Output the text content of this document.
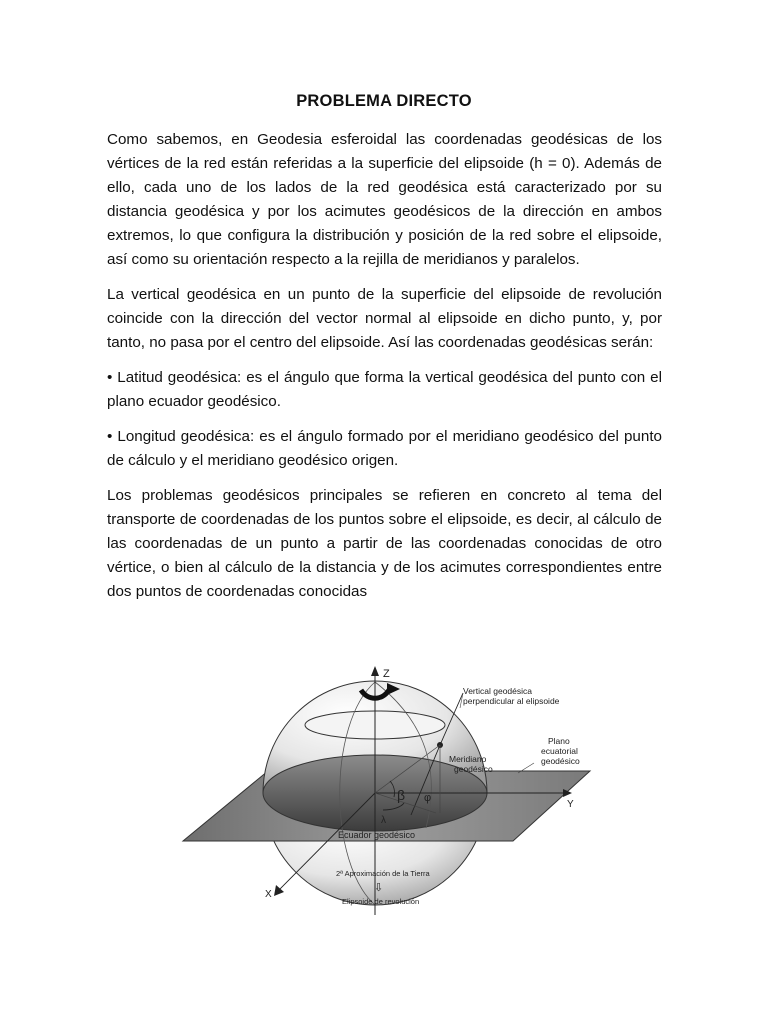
PROBLEMA DIRECTO

Como sabemos, en Geodesia esferoidal las coordenadas geodésicas de los vértices de la red están referidas a la superficie del elipsoide (h = 0). Además de ello, cada uno de los lados de la red geodésica está caracterizado por su distancia geodésica y por los acimutes geodésicos de la dirección en ambos extremos, lo que configura la distribución y posición de la red sobre el elipsoide, así como su orientación respecto a la rejilla de meridianos y paralelos.

La vertical geodésica en un punto de la superficie del elipsoide de revolución coincide con la dirección del vector normal al elipsoide en dicho punto, y, por tanto, no pasa por el centro del elipsoide. Así las coordenadas geodésicas serán:

• Latitud geodésica: es el ángulo que forma la vertical geodésica del punto con el plano ecuador geodésico.

• Longitud geodésica: es el ángulo formado por el meridiano geodésico del punto de cálculo y el meridiano geodésico origen.

Los problemas geodésicos principales se refieren en concreto al tema del transporte de coordenadas de los puntos sobre el elipsoide, es decir, al cálculo de las coordenadas de un punto a partir de las coordenadas conocidas de otro vértice, o bien al cálculo de la distancia y de los acimutes correspondientes entre dos puntos de coordenadas conocidas

Z
Y
X
β φ
λ
Vertical geodésica
perpendicular al elipsoide
Meridiano
geodésico
Plano
ecuatorial
geodésico
Ecuador geodésico
2ª Aproximación de la Tierra
⇩
Elipsoide de revolución
